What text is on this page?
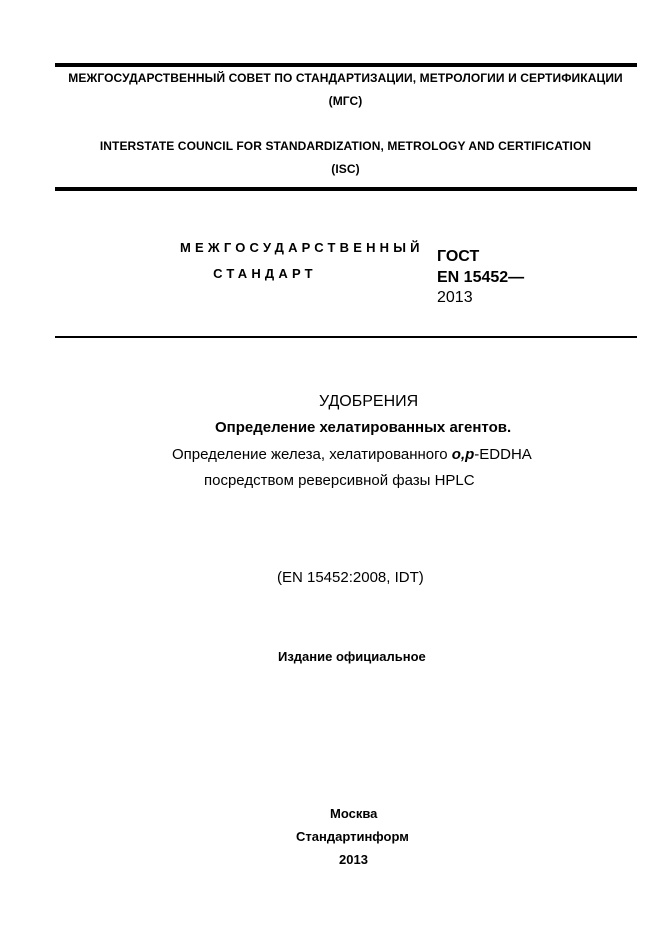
МЕЖГОСУДАРСТВЕННЫЙ СОВЕТ ПО СТАНДАРТИЗАЦИИ, МЕТРОЛОГИИ И СЕРТИФИКАЦИИ
(МГС)
INTERSTATE COUNCIL FOR STANDARDIZATION, METROLOGY AND CERTIFICATION
(ISC)
МЕЖГОСУДАРСТВЕННЫЙ
СТАНДАРТ
ГОСТ
EN 15452—
2013
УДОБРЕНИЯ
Определение хелатированных агентов.
Определение железа, хелатированного o,p-EDDHA
посредством реверсивной фазы HPLC
(EN 15452:2008, IDT)
Издание официальное
Москва
Стандартинформ
2013
